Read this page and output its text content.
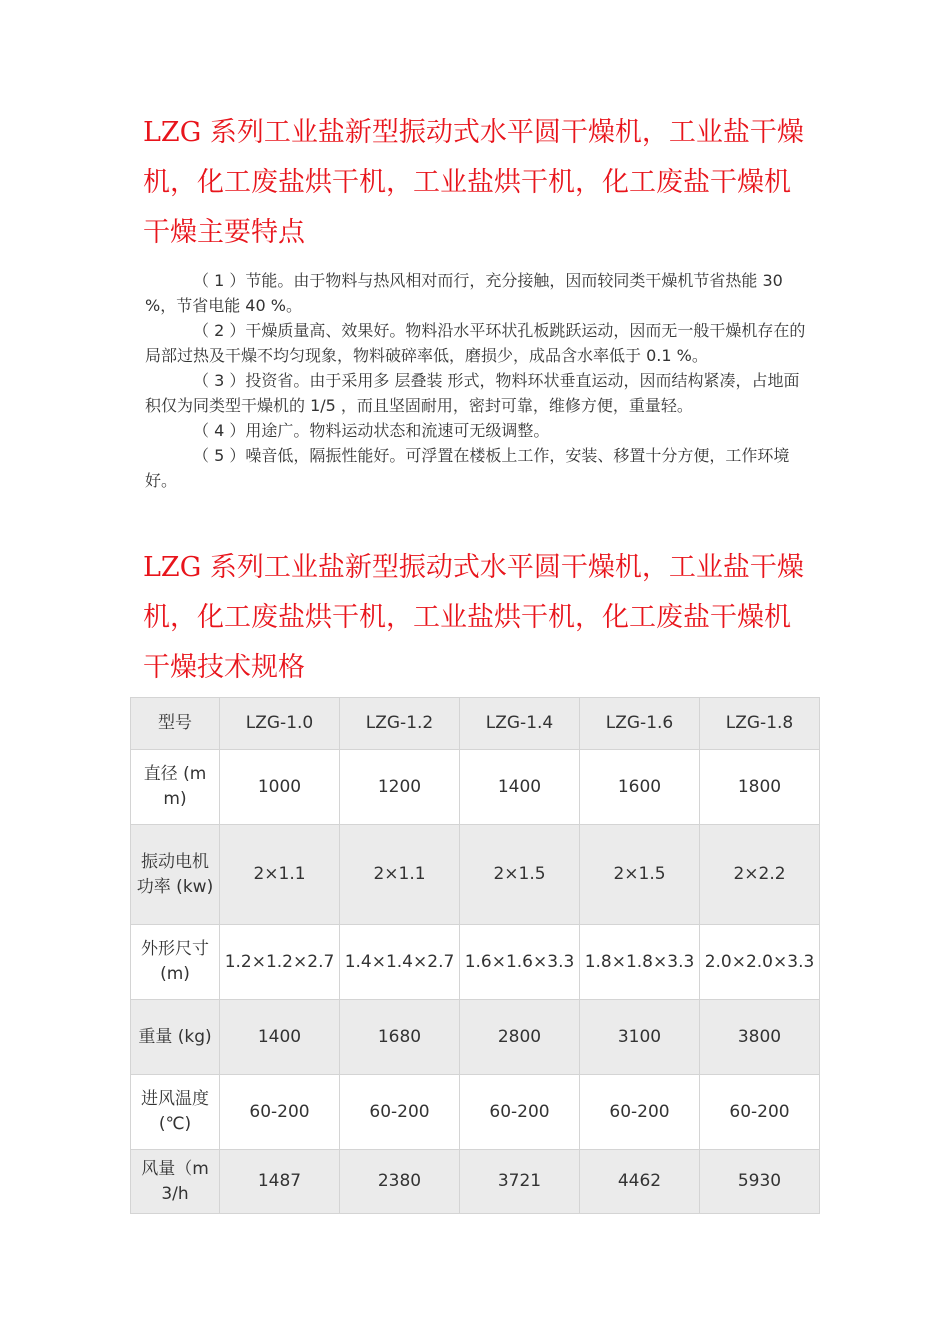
LZG 系列工业盐新型振动式水平圆干燥机，工业盐干燥机，化工废盐烘干机，工业盐烘干机，化工废盐干燥机干燥主要特点

（ 1 ）节能。由于物料与热风相对而行，充分接触，因而较同类干燥机节省热能 30 %，节省电能 40 %。

（ 2 ）干燥质量高、效果好。物料沿水平环状孔板跳跃运动，因而无一般干燥机存在的局部过热及干燥不均匀现象，物料破碎率低，磨损少，成品含水率低于 0.1 %。

（ 3 ）投资省。由于采用多 层叠装 形式，物料环状垂直运动，因而结构紧凑，占地面积仅为同类型干燥机的 1/5 ，而且坚固耐用，密封可靠，维修方便，重量轻。

（ 4 ）用途广。物料运动状态和流速可无级调整。

（ 5 ）噪音低，隔振性能好。可浮置在楼板上工作，安装、移置十分方便，工作环境好。

LZG 系列工业盐新型振动式水平圆干燥机，工业盐干燥机，化工废盐烘干机，工业盐烘干机，化工废盐干燥机干燥技术规格
型号	LZG-1.0	LZG-1.2	LZG-1.4	LZG-1.6	LZG-1.8
直径 (mm)	1000	1200	1400	1600	1800
振动电机功率 (kw)	2×1.1	2×1.1	2×1.5	2×1.5	2×2.2
外形尺寸(m)	1.2×1.2×2.7	1.4×1.4×2.7	1.6×1.6×3.3	1.8×1.8×3.3	2.0×2.0×3.3
重量 (kg)	1400	1680	2800	3100	3800
进风温度 (℃)	60-200	60-200	60-200	60-200	60-200
风量（m3/h	1487	2380	3721	4462	5930
